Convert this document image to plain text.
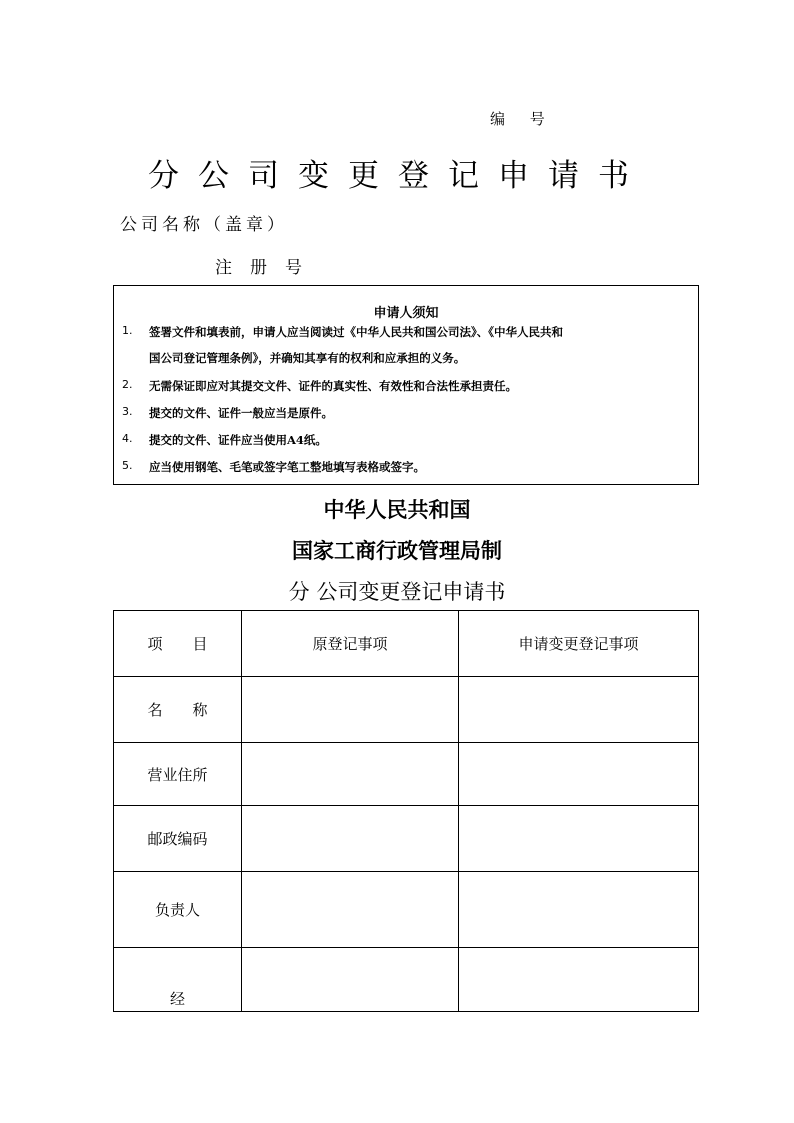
编 号
分公司变更登记申请书
公司名称（盖章）
注册号
申请人须知
1. 签署文件和填表前，申请人应当阅读过《中华人民共和国公司法》、《中华人民共和
国公司登记管理条例》，并确知其享有的权利和应承担的义务。
2. 无需保证即应对其提交文件、证件的真实性、有效性和合法性承担责任。
3. 提交的文件、证件一般应当是原件。
4. 提交的文件、证件应当使用A4纸。
5. 应当使用钢笔、毛笔或签字笔工整地填写表格或签字。
中华人民共和国
国家工商行政管理局制
分 公司变更登记申请书
项　　目	原登记事项	申请变更登记事项
名　　称		
营业住所		
邮政编码		
负责人		
经		
